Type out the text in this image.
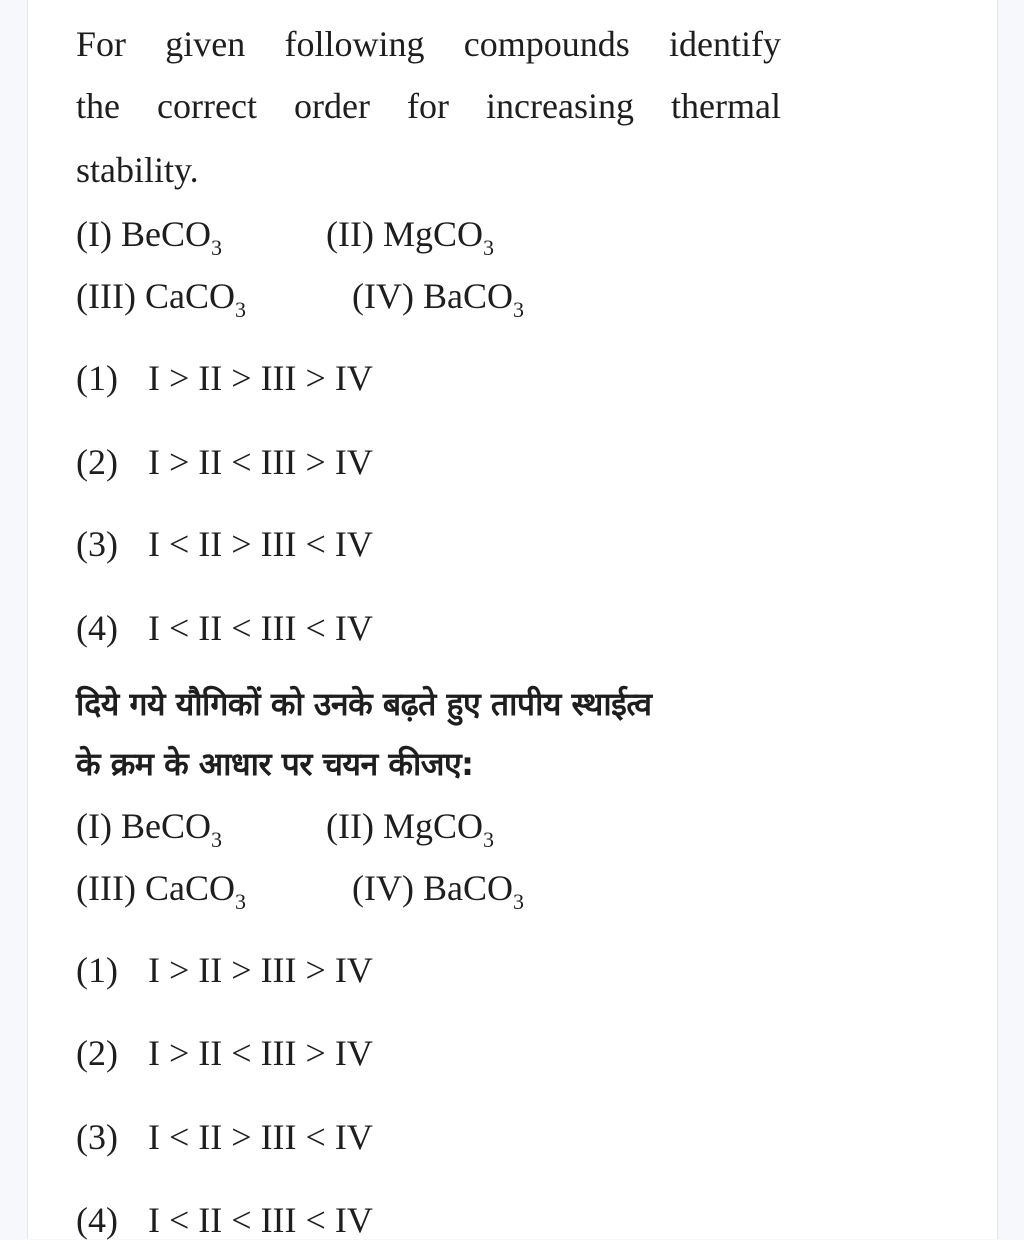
For given following compounds identify
the correct order for increasing thermal
stability.
(I) BeCO$_3$	(II) MgCO$_3$
(III) CaCO$_3$	(IV) BaCO$_3$
(1) I > II > III > IV
(2) I > II < III > IV
(3) I < II > III < IV
(4) I < II < III < IV
दिये गये यौगिकों को उनके बढ़ते हुए तापीय स्थाईत्व
के क्रम के आधार पर चयन कीजए:
(I) BeCO$_3$	(II) MgCO$_3$
(III) CaCO$_3$	(IV) BaCO$_3$
(1) I > II > III > IV
(2) I > II < III > IV
(3) I < II > III < IV
(4) I < II < III < IV
